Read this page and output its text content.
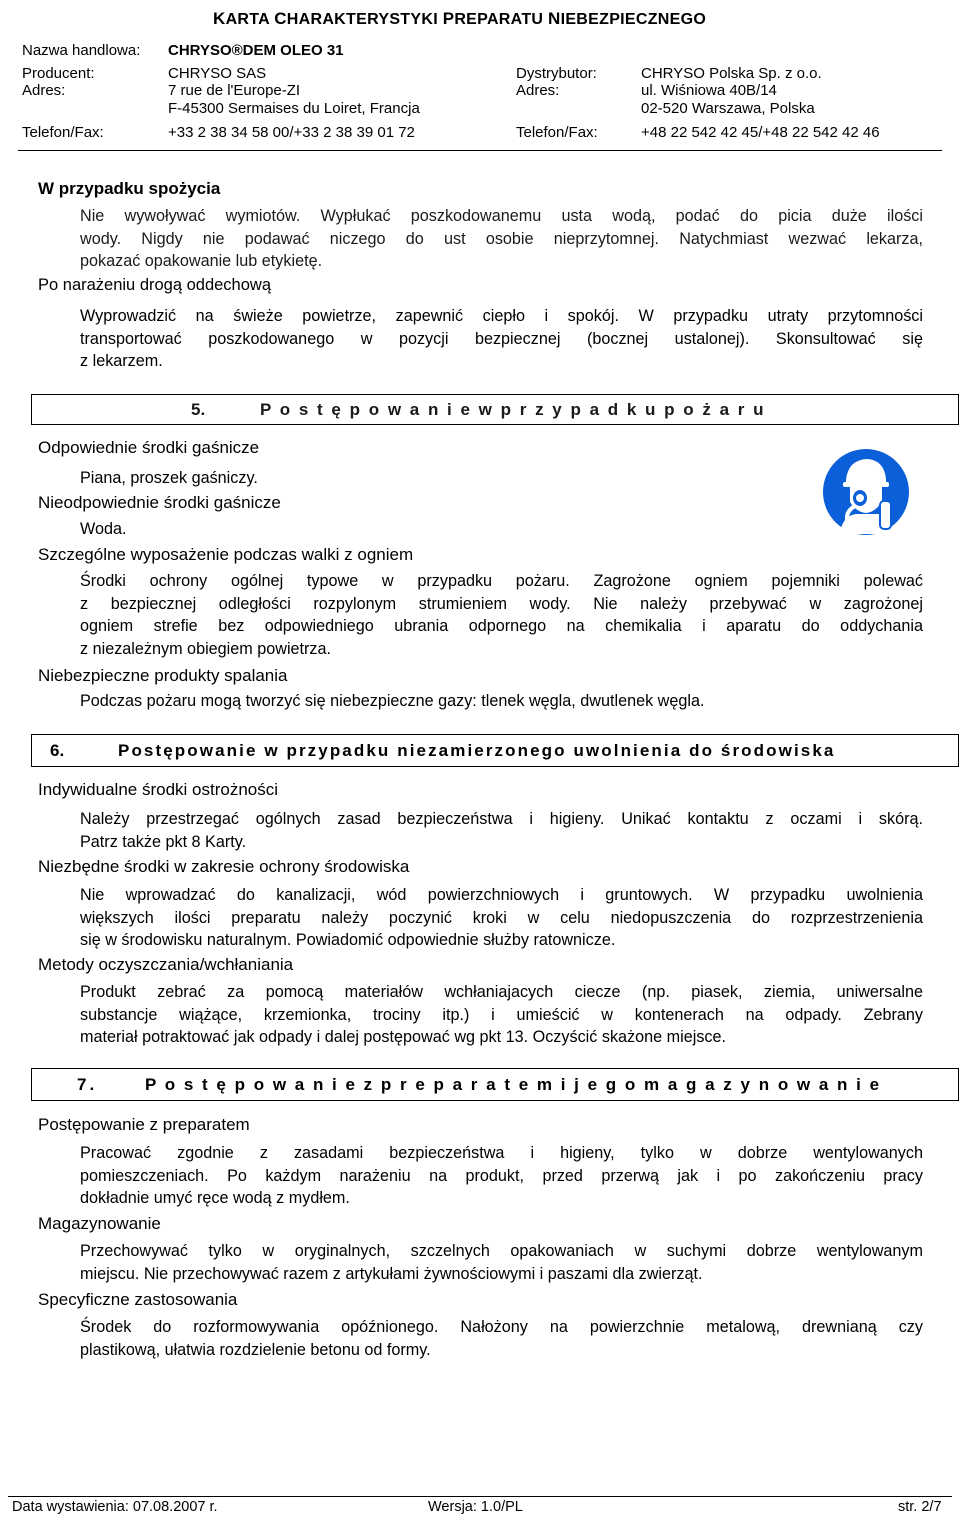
KARTA CHARAKTERYSTYKI PREPARATU NIEBEZPIECZNEGO
Nazwa handlowa: CHRYSO®DEM OLEO 31
Producent:	CHRYSO SAS	Dystrybutor:	CHRYSO Polska Sp. z o.o.
Adres:	7 rue de l'Europe-ZI
F-45300 Sermaises du Loiret, Francja
Adres:	ul. Wiśniowa 40B/14
02-520 Warszawa, Polska
Telefon/Fax:	+33 2 38 34 58 00/+33 2 38 39 01 72	Telefon/Fax:	+48 22 542 42 45/+48 22 542 42 46
W przypadku spożycia
Nie wywoływać wymiotów. Wypłukać poszkodowanemu usta wodą, podać do picia duże ilości
wody. Nigdy nie podawać niczego do ust osobie nieprzytomnej. Natychmiast wezwać lekarza,
pokazać opakowanie lub etykietę.
Po narażeniu drogą oddechową
Wyprowadzić na świeże powietrze, zapewnić ciepło i spokój. W przypadku utraty przytomności
transportować poszkodowanego w pozycji bezpiecznej (bocznej ustalonej). Skonsultować się
z lekarzem.
5.	P o s t ę p o w a n i e w p r z y p a d k u p o ż a r u
Odpowiednie środki gaśnicze
Piana, proszek gaśniczy.
Nieodpowiednie środki gaśnicze
Woda.
Szczególne wyposażenie podczas walki z ogniem
Środki ochrony ogólnej typowe w przypadku pożaru. Zagrożone ogniem pojemniki polewać
z bezpiecznej odległości rozpylonym strumieniem wody. Nie należy przebywać w zagrożonej
ogniem strefie bez odpowiedniego ubrania odpornego na chemikalia i aparatu do oddychania
z niezależnym obiegiem powietrza.
Niebezpieczne produkty spalania
Podczas pożaru mogą tworzyć się niebezpieczne gazy: tlenek węgla, dwutlenek węgla.
6.	Postępowanie w przypadku niezamierzonego uwolnienia do środowiska
Indywidualne środki ostrożności
Należy przestrzegać ogólnych zasad bezpieczeństwa i higieny. Unikać kontaktu z oczami i skórą.
Patrz także pkt 8 Karty.
Niezbędne środki w zakresie ochrony środowiska
Nie wprowadzać do kanalizacji, wód powierzchniowych i gruntowych. W przypadku uwolnienia
większych ilości preparatu należy poczynić kroki w celu niedopuszczenia do rozprzestrzenienia
się w środowisku naturalnym. Powiadomić odpowiednie służby ratownicze.
Metody oczyszczania/wchłaniania
Produkt zebrać za pomocą materiałów wchłaniajacych ciecze (np. piasek, ziemia, uniwersalne
substancje wiążące, krzemionka, trociny itp.) i umieścić w kontenerach na odpady. Zebrany
materiał potraktować jak odpady i dalej postępować wg pkt 13. Oczyścić skażone miejsce.
7.	P o s t ę p o w a n i e z p r e p a r a t e m i j e g o m a g a z y n o w a n i e
Postępowanie z preparatem
Pracować zgodnie z zasadami bezpieczeństwa i higieny, tylko w dobrze wentylowanych
pomieszczeniach. Po każdym narażeniu na produkt, przed przerwą jak i po zakończeniu pracy
dokładnie umyć ręce wodą z mydłem.
Magazynowanie
Przechowywać tylko w oryginalnych, szczelnych opakowaniach w suchymi dobrze wentylowanym
miejscu. Nie przechowywać razem z artykułami żywnościowymi i paszami dla zwierząt.
Specyficzne zastosowania
Środek do rozformowywania opóźnionego. Nałożony na powierzchnie metalową, drewnianą czy
plastikową, ułatwia rozdzielenie betonu od formy.
Data wystawienia: 07.08.2007 r.	Wersja: 1.0/PL	str. 2/7
